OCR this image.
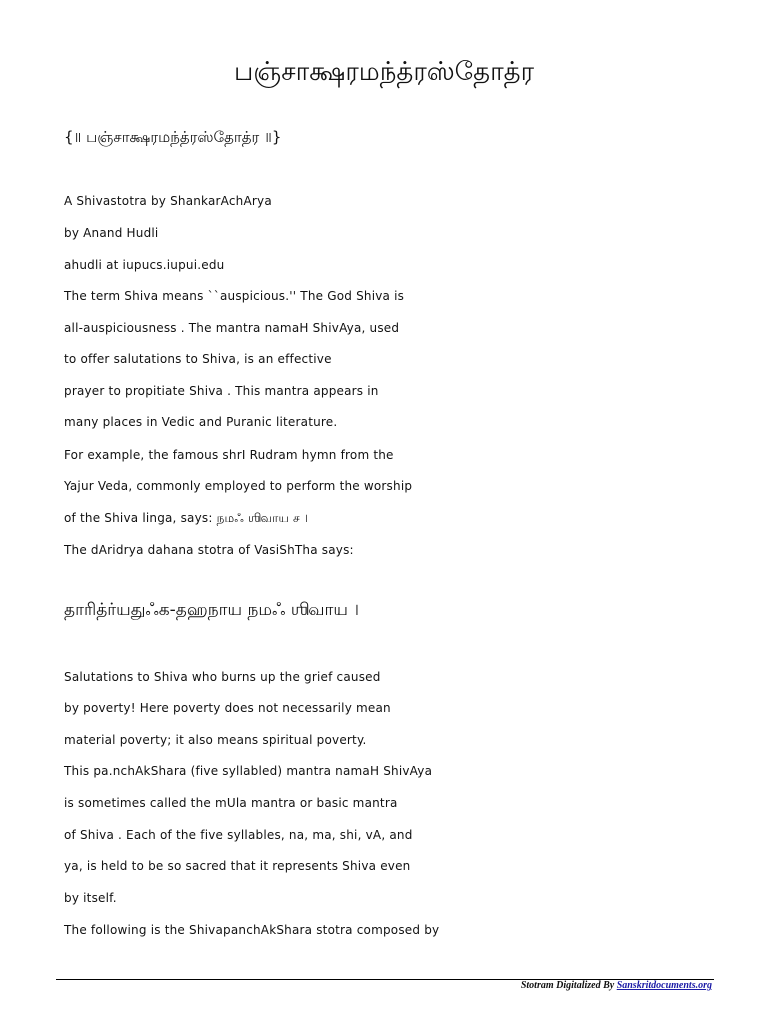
பஞ்சாக்ஷரமந்த்ரஸ்தோத்ர
{॥ பஞ்சாக்ஷரமந்த்ரஸ்தோத்ர ॥}
A Shivastotra by ShankarAchArya
by Anand Hudli
ahudli at iupucs.iupui.edu
The term Shiva means ``auspicious.'' The God Shiva is
all-auspiciousness . The mantra namaH ShivAya, used
to offer salutations to Shiva, is an effective
prayer to propitiate Shiva . This mantra appears in
many places in Vedic and Puranic literature.
For example, the famous shrI Rudram hymn from the
Yajur Veda, commonly employed to perform the worship
of the Shiva linga, says: நமஃ ஶிவாய ச ।
The dAridrya dahana stotra of VasiShTha says:
தாரித்ர்யதுஃக-தஹநாய நமஃ ஶிவாய ।
Salutations to Shiva who burns up the grief caused
by poverty! Here poverty does not necessarily mean
material poverty; it also means spiritual poverty.
This pa.nchAkShara (five syllabled) mantra namaH ShivAya
is sometimes called the mUla mantra or basic mantra
of Shiva . Each of the five syllables, na, ma, shi, vA, and
ya, is held to be so sacred that it represents Shiva even
by itself.
The following is the ShivapanchAkShara stotra composed by
Stotram Digitalized By Sanskritdocuments.org
